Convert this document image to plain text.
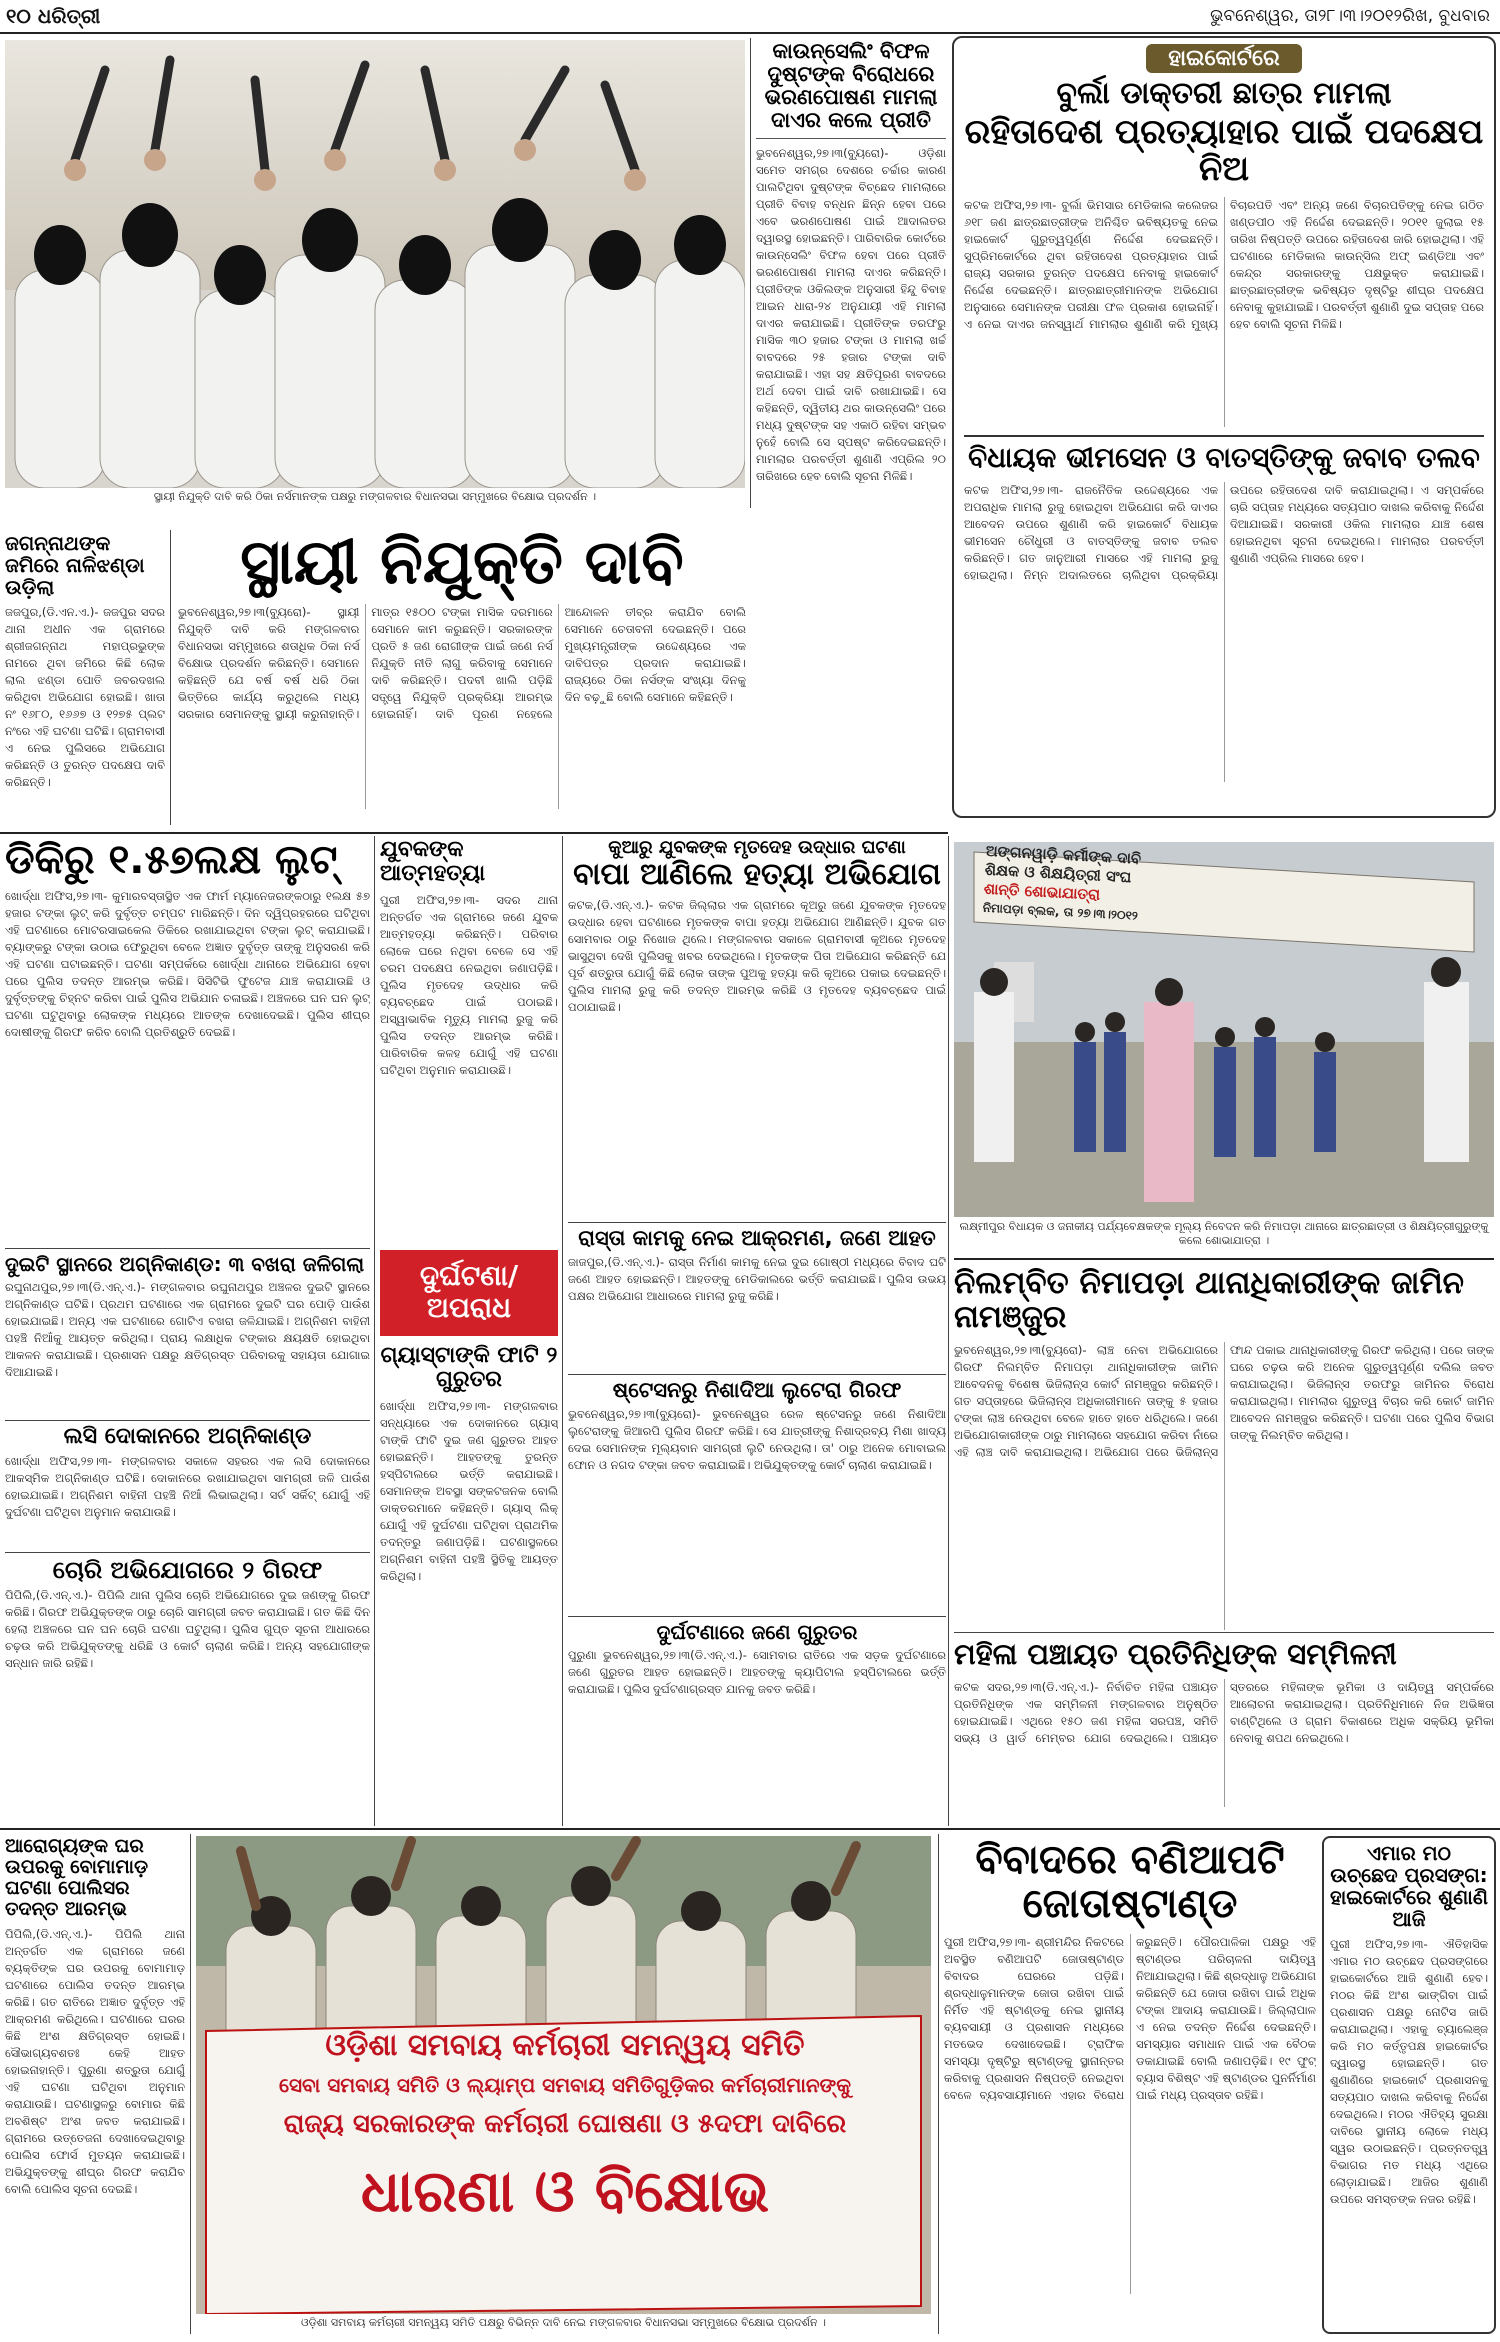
୧୦ ଧରିତ୍ରୀ	ଭୁବନେଶ୍ୱର, ତା୨୮।୩।୨୦୧୨ରିଖ, ବୁଧବାର
ସ୍ଥାୟୀ ନିଯୁକ୍ତି ଦାବି କରି ଠିକା ନର୍ସମାନଙ୍କ ପକ୍ଷରୁ ମଙ୍ଗଳବାର ବିଧାନସଭା ସମ୍ମୁଖରେ ବିକ୍ଷୋଭ ପ୍ରଦର୍ଶନ ।
କାଉନ୍‌ସେଲିଂ ବିଫଳ ଦୁଷ୍ଟଙ୍କ ବିରୋଧରେ ଭରଣପୋଷଣ ମାମଲା ଦାଏର କଲେ ପ୍ରୀତି
ଭୁବନେଶ୍ୱର,୨୭।୩(ବ୍ୟୁରୋ)- ଓଡ଼ିଶା ସମେତ ସମଗ୍ର ଦେଶରେ ଚର୍ଚ୍ଚାର କାରଣ ପାଲଟିଥିବା ଦୁଷ୍ଟଙ୍କ ବିଚ୍ଛେଦ ମାମଲାରେ ପ୍ରୀତି ବିବାହ ବନ୍ଧନ ଛିନ୍ନ ହେବା ପରେ ଏବେ ଭରଣପୋଷଣ ପାଇଁ ଆଦାଲତର ଦ୍ୱାରସ୍ଥ ହୋଇଛନ୍ତି। ପାରିବାରିକ କୋର୍ଟରେ କାଉନ୍‌ସେଲିଂ ବିଫଳ ହେବା ପରେ ପ୍ରୀତି ଭରଣପୋଷଣ ମାମଲା ଦାଏର କରିଛନ୍ତି। ପ୍ରୀତିଙ୍କ ଓକିଲଙ୍କ ଅନୁସାରୀ ହିନ୍ଦୁ ବିବାହ ଆଇନ ଧାରା-୨୪ ଅନୁଯାୟୀ ଏହି ମାମଲା ଦାଏର କରାଯାଇଛି। ପ୍ରୀତିଙ୍କ ତରଫରୁ ମାସିକ ୩୦ ହଜାର ଟଙ୍କା ଓ ମାମଲା ଖର୍ଚ୍ଚ ବାବଦରେ ୨୫ ହଜାର ଟଙ୍କା ଦାବି କରାଯାଇଛି। ଏହା ସହ କ୍ଷତିପୂରଣ ବାବଦରେ ଅର୍ଥ ଦେବା ପାଇଁ ଦାବି ରଖାଯାଇଛି। ସେ କହିଛନ୍ତି, ଦ୍ୱିତୀୟ ଥର କାଉନ୍‌ସେଲିଂ ପରେ ମଧ୍ୟ ଦୁଷ୍ଟଙ୍କ ସହ ଏକାଠି ରହିବା ସମ୍ଭବ ନୁହେଁ ବୋଲି ସେ ସ୍ପଷ୍ଟ କରିଦେଇଛନ୍ତି। ମାମଲାର ପରବର୍ତ୍ତୀ ଶୁଣାଣି ଏପ୍ରିଲ ୨୦ ତାରିଖରେ ହେବ ବୋଲି ସୂଚନା ମିଳିଛି।
ହାଇକୋର୍ଟରେ
ବୁର୍ଲା ଡାକ୍ତରୀ ଛାତ୍ର ମାମଲା
ରହିତାଦେଶ ପ୍ରତ୍ୟାହାର ପାଇଁ ପଦକ୍ଷେପ ନିଅ
କଟକ ଅଫିସ,୨୭।୩- ବୁର୍ଲା ଭିମସାର ମେଡିକାଲ କଲେଜର ୬୧୮ ଜଣ ଛାତ୍ରଛାତ୍ରୀଙ୍କ ଅନିଶ୍ଚିତ ଭବିଷ୍ୟତକୁ ନେଇ ହାଇକୋର୍ଟ ଗୁରୁତ୍ୱପୂର୍ଣ୍ଣ ନିର୍ଦ୍ଦେଶ ଦେଇଛନ୍ତି। ସୁପ୍ରିମକୋର୍ଟରେ ଥିବା ରହିତାଦେଶ ପ୍ରତ୍ୟାହାର ପାଇଁ ରାଜ୍ୟ ସରକାର ତୁରନ୍ତ ପଦକ୍ଷେପ ନେବାକୁ ହାଇକୋର୍ଟ ନିର୍ଦ୍ଦେଶ ଦେଇଛନ୍ତି। ଛାତ୍ରଛାତ୍ରୀମାନଙ୍କ ଅଭିଯୋଗ ଅନୁସାରେ ସେମାନଙ୍କ ପରୀକ୍ଷା ଫଳ ପ୍ରକାଶ ହୋଇନାହିଁ। ଏ ନେଇ ଦାଏର ଜନସ୍ୱାର୍ଥ ମାମଲାର ଶୁଣାଣି କରି ମୁଖ୍ୟ ବିଚାରପତି ଏବଂ ଅନ୍ୟ ଜଣେ ବିଚାରପତିଙ୍କୁ ନେଇ ଗଠିତ ଖଣ୍ଡପୀଠ ଏହି ନିର୍ଦ୍ଦେଶ ଦେଇଛନ୍ତି। ୨୦୧୧ ଜୁଲାଇ ୧୫ ତାରିଖ ନିଷ୍ପତ୍ତି ଉପରେ ରହିତାଦେଶ ଜାରି ହୋଇଥିଲା। ଏହି ଘଟଣାରେ ମେଡିକାଲ କାଉନ୍‌ସିଲ ଅଫ୍ ଇଣ୍ଡିଆ ଏବଂ କେନ୍ଦ୍ର ସରକାରଙ୍କୁ ପକ୍ଷଭୁକ୍ତ କରାଯାଇଛି। ଛାତ୍ରଛାତ୍ରୀଙ୍କ ଭବିଷ୍ୟତ ଦୃଷ୍ଟିରୁ ଶୀଘ୍ର ପଦକ୍ଷେପ ନେବାକୁ କୁହାଯାଇଛି। ପରବର୍ତ୍ତୀ ଶୁଣାଣି ଦୁଇ ସପ୍ତାହ ପରେ ହେବ ବୋଲି ସୂଚନା ମିଳିଛି।
ବିଧାୟକ ଭୀମସେନ ଓ ବାତସ୍ତିଙ୍କୁ ଜବାବ ତଲବ
କଟକ ଅଫିସ,୨୭।୩- ରାଜନୈତିକ ଉଦ୍ଦେଶ୍ୟରେ ଏକ ଅପରାଧିକ ମାମଲା ରୁଜୁ ହୋଇଥିବା ଅଭିଯୋଗ କରି ଦାଏର ଆବେଦନ ଉପରେ ଶୁଣାଣି କରି ହାଇକୋର୍ଟ ବିଧାୟକ ଭୀମସେନ ଚୌଧୁରୀ ଓ ବାତସ୍ତିଙ୍କୁ ଜବାବ ତଲବ କରିଛନ୍ତି। ଗତ ଜାନୁଆରୀ ମାସରେ ଏହି ମାମଲା ରୁଜୁ ହୋଇଥିଲା। ନିମ୍ନ ଅଦାଲତରେ ଚାଲିଥିବା ପ୍ରକ୍ରିୟା ଉପରେ ରହିତାଦେଶ ଦାବି କରାଯାଇଥିଲା। ଏ ସମ୍ପର୍କରେ ଚାରି ସପ୍ତାହ ମଧ୍ୟରେ ସତ୍ୟପାଠ ଦାଖଲ କରିବାକୁ ନିର୍ଦ୍ଦେଶ ଦିଆଯାଇଛି। ସରକାରୀ ଓକିଲ ମାମଲାର ଯାଞ୍ଚ ଶେଷ ହୋଇନଥିବା ସୂଚନା ଦେଇଥିଲେ। ମାମଲାର ପରବର୍ତ୍ତୀ ଶୁଣାଣି ଏପ୍ରିଲ ମାସରେ ହେବ।
ଜଗନ୍ନାଥଙ୍କ ଜମିରେ ନାଳିଝଣ୍ଡା ଉଡ଼ିଲା
ଜଜପୁର,(ଡି.ଏନ.ଏ.)- ଜଜପୁର ସଦର ଥାନା ଅଧୀନ ଏକ ଗ୍ରାମରେ ଶ୍ରୀଜଗନ୍ନାଥ ମହାପ୍ରଭୁଙ୍କ ନାମରେ ଥିବା ଜମିରେ କିଛି ଲୋକ ଲାଲ ଝଣ୍ଡା ପୋତି ଜବରଦଖଲ କରିଥିବା ଅଭିଯୋଗ ହୋଇଛି। ଖାତା ନଂ ୧୬୮୦, ୧୬୬୭ ଓ ୧୨୭୫ ପ୍ଲଟ ନଂରେ ଏହି ଘଟଣା ଘଟିଛି। ଗ୍ରାମବାସୀ ଏ ନେଇ ପୁଲିସରେ ଅଭିଯୋଗ କରିଛନ୍ତି ଓ ତୁରନ୍ତ ପଦକ୍ଷେପ ଦାବି କରିଛନ୍ତି।
ସ୍ଥାୟୀ ନିଯୁକ୍ତି ଦାବି
ଭୁବନେଶ୍ୱର,୨୭।୩(ବ୍ୟୁରୋ)- ସ୍ଥାୟୀ ନିଯୁକ୍ତି ଦାବି କରି ମଙ୍ଗଳବାର ବିଧାନସଭା ସମ୍ମୁଖରେ ଶତାଧିକ ଠିକା ନର୍ସ ବିକ୍ଷୋଭ ପ୍ରଦର୍ଶନ କରିଛନ୍ତି। ସେମାନେ କହିଛନ୍ତି ଯେ ବର୍ଷ ବର୍ଷ ଧରି ଠିକା ଭିତ୍ତିରେ କାର୍ଯ୍ୟ କରୁଥିଲେ ମଧ୍ୟ ସରକାର ସେମାନଙ୍କୁ ସ୍ଥାୟୀ କରୁନାହାନ୍ତି। ମାତ୍ର ୧୫୦୦ ଟଙ୍କା ମାସିକ ଦରମାରେ ସେମାନେ କାମ କରୁଛନ୍ତି। ସରକାରଙ୍କ ପ୍ରତି ୫ ଜଣ ରୋଗୀଙ୍କ ପାଇଁ ଜଣେ ନର୍ସ ନିଯୁକ୍ତି ନୀତି ଲାଗୁ କରିବାକୁ ସେମାନେ ଦାବି କରିଛନ୍ତି। ପଦବୀ ଖାଲି ପଡ଼ିଛି ସତ୍ତ୍ୱେ ନିଯୁକ୍ତି ପ୍ରକ୍ରିୟା ଆରମ୍ଭ ହୋଇନାହିଁ। ଦାବି ପୂରଣ ନହେଲେ ଆନ୍ଦୋଳନ ତୀବ୍ର କରାଯିବ ବୋଲି ସେମାନେ ଚେତାବନୀ ଦେଇଛନ୍ତି। ପରେ ମୁଖ୍ୟମନ୍ତ୍ରୀଙ୍କ ଉଦ୍ଦେଶ୍ୟରେ ଏକ ଦାବିପତ୍ର ପ୍ରଦାନ କରାଯାଇଛି। ରାଜ୍ୟରେ ଠିକା ନର୍ସଙ୍କ ସଂଖ୍ୟା ଦିନକୁ ଦିନ ବଢ଼ୁଛି ବୋଲି ସେମାନେ କହିଛନ୍ତି।
ଡିକିରୁ ୧.୫୭ଲକ୍ଷ ଲୁଟ୍
ଖୋର୍ଦ୍ଧା ଅଫିସ,୨୭।୩- କୁମାରବସ୍ତାସ୍ଥିତ ଏକ ଫାର୍ମ ମ୍ୟାନେଜରଙ୍କଠାରୁ ୧ଲକ୍ଷ ୫୭ ହଜାର ଟଙ୍କା ଲୁଟ୍ କରି ଦୁର୍ବୃତ୍ତ ଚମ୍ପଟ ମାରିଛନ୍ତି। ଦିନ ଦ୍ୱିପ୍ରହରରେ ଘଟିଥିବା ଏହି ଘଟଣାରେ ମୋଟରସାଇକେଲ ଡିକିରେ ରଖାଯାଇଥିବା ଟଙ୍କା ଲୁଟ୍ କରାଯାଇଛି। ବ୍ୟାଙ୍କରୁ ଟଙ୍କା ଉଠାଇ ଫେରୁଥିବା ବେଳେ ଅଜ୍ଞାତ ଦୁର୍ବୃତ୍ତ ତାଙ୍କୁ ଅନୁସରଣ କରି ଏହି ଘଟଣା ଘଟାଇଛନ୍ତି। ଘଟଣା ସମ୍ପର୍କରେ ଖୋର୍ଦ୍ଧା ଥାନାରେ ଅଭିଯୋଗ ହେବା ପରେ ପୁଲିସ ତଦନ୍ତ ଆରମ୍ଭ କରିଛି। ସିସିଟିଭି ଫୁଟେଜ ଯାଞ୍ଚ କରାଯାଉଛି ଓ ଦୁର୍ବୃତ୍ତଙ୍କୁ ଚିହ୍ନଟ କରିବା ପାଇଁ ପୁଲିସ ଅଭିଯାନ ଚଳାଇଛି। ଅଞ୍ଚଳରେ ଘନ ଘନ ଲୁଟ୍ ଘଟଣା ଘଟୁଥିବାରୁ ଲୋକଙ୍କ ମଧ୍ୟରେ ଆତଙ୍କ ଦେଖାଦେଇଛି। ପୁଲିସ ଶୀଘ୍ର ଦୋଷୀଙ୍କୁ ଗିରଫ କରିବ ବୋଲି ପ୍ରତିଶ୍ରୁତି ଦେଇଛି।
ଦୁଇଟି ସ୍ଥାନରେ ଅଗ୍ନିକାଣ୍ଡ: ୩ ବଖରା ଜଳିଗଲା
ରଘୁନାଥପୁର,୨୭।୩(ଡି.ଏନ୍.ଏ.)- ମଙ୍ଗଳବାର ରଘୁନାଥପୁର ଅଞ୍ଚଳର ଦୁଇଟି ସ୍ଥାନରେ ଅଗ୍ନିକାଣ୍ଡ ଘଟିଛି। ପ୍ରଥମ ଘଟଣାରେ ଏକ ଗ୍ରାମରେ ଦୁଇଟି ଘର ପୋଡ଼ି ପାଉଁଶ ହୋଇଯାଇଛି। ଅନ୍ୟ ଏକ ଘଟଣାରେ ଗୋଟିଏ ବଖରା ଜଳିଯାଇଛି। ଅଗ୍ନିଶମ ବାହିନୀ ପହଞ୍ଚି ନିଆଁକୁ ଆୟତ୍ତ କରିଥିଲା। ପ୍ରାୟ ଲକ୍ଷାଧିକ ଟଙ୍କାର କ୍ଷୟକ୍ଷତି ହୋଇଥିବା ଆକଳନ କରାଯାଇଛି। ପ୍ରଶାସନ ପକ୍ଷରୁ କ୍ଷତିଗ୍ରସ୍ତ ପରିବାରକୁ ସହାୟତା ଯୋଗାଇ ଦିଆଯାଇଛି।
ଲସି ଦୋକାନରେ ଅଗ୍ନିକାଣ୍ଡ
ଖୋର୍ଦ୍ଧା ଅଫିସ,୨୭।୩- ମଙ୍ଗଳବାର ସକାଳେ ସହରର ଏକ ଲସି ଦୋକାନରେ ଆକସ୍ମିକ ଅଗ୍ନିକାଣ୍ଡ ଘଟିଛି। ଦୋକାନରେ ରଖାଯାଇଥିବା ସାମଗ୍ରୀ ଜଳି ପାଉଁଶ ହୋଇଯାଇଛି। ଅଗ୍ନିଶମ ବାହିନୀ ପହଞ୍ଚି ନିଆଁ ଲିଭାଇଥିଲା। ସର୍ଟ ସର୍କିଟ୍ ଯୋଗୁଁ ଏହି ଦୁର୍ଘଟଣା ଘଟିଥିବା ଅନୁମାନ କରାଯାଉଛି।
ଚୋରି ଅଭିଯୋଗରେ ୨ ଗିରଫ
ପିପିଲି,(ଡି.ଏନ୍.ଏ.)- ପିପିଲି ଥାନା ପୁଲିସ ଚୋରି ଅଭିଯୋଗରେ ଦୁଇ ଜଣଙ୍କୁ ଗିରଫ କରିଛି। ଗିରଫ ଅଭିଯୁକ୍ତଙ୍କ ଠାରୁ ଚୋରି ସାମଗ୍ରୀ ଜବତ କରାଯାଇଛି। ଗତ କିଛି ଦିନ ହେଲା ଅଞ୍ଚଳରେ ଘନ ଘନ ଚୋରି ଘଟଣା ଘଟୁଥିଲା। ପୁଲିସ ଗୁପ୍ତ ସୂଚନା ଆଧାରରେ ଚଢ଼ଉ କରି ଅଭିଯୁକ୍ତଙ୍କୁ ଧରିଛି ଓ କୋର୍ଟ ଚାଲାଣ କରିଛି। ଅନ୍ୟ ସହଯୋଗୀଙ୍କ ସନ୍ଧାନ ଜାରି ରହିଛି।
ଯୁବକଙ୍କ ଆତ୍ମହତ୍ୟା
ପୁରୀ ଅଫିସ,୨୭।୩- ସଦର ଥାନା ଅନ୍ତର୍ଗତ ଏକ ଗ୍ରାମରେ ଜଣେ ଯୁବକ ଆତ୍ମହତ୍ୟା କରିଛନ୍ତି। ପରିବାର ଲୋକେ ଘରେ ନଥିବା ବେଳେ ସେ ଏହି ଚରମ ପଦକ୍ଷେପ ନେଇଥିବା ଜଣାପଡ଼ିଛି। ପୁଲିସ ମୃତଦେହ ଉଦ୍ଧାର କରି ବ୍ୟବଚ୍ଛେଦ ପାଇଁ ପଠାଇଛି। ଅସ୍ୱାଭାବିକ ମୃତ୍ୟୁ ମାମଲା ରୁଜୁ କରି ପୁଲିସ ତଦନ୍ତ ଆରମ୍ଭ କରିଛି। ପାରିବାରିକ କଳହ ଯୋଗୁଁ ଏହି ଘଟଣା ଘଟିଥିବା ଅନୁମାନ କରାଯାଉଛି।
ଦୁର୍ଘଟଣା/ ଅପରାଧ
ଗ୍ୟାସ୍‌ଟାଙ୍କି ଫାଟି ୨ ଗୁରୁତର
ଖୋର୍ଦ୍ଧା ଅଫିସ,୨୭।୩- ମଙ୍ଗଳବାର ସନ୍ଧ୍ୟାରେ ଏକ ଦୋକାନରେ ଗ୍ୟାସ୍ ଟାଙ୍କି ଫାଟି ଦୁଇ ଜଣ ଗୁରୁତର ଆହତ ହୋଇଛନ୍ତି। ଆହତଙ୍କୁ ତୁରନ୍ତ ହସ୍ପିଟାଲରେ ଭର୍ତ୍ତି କରାଯାଇଛି। ସେମାନଙ୍କ ଅବସ୍ଥା ସଙ୍କଟଜନକ ବୋଲି ଡାକ୍ତରମାନେ କହିଛନ୍ତି। ଗ୍ୟାସ୍ ଲିକ୍ ଯୋଗୁଁ ଏହି ଦୁର୍ଘଟଣା ଘଟିଥିବା ପ୍ରାଥମିକ ତଦନ୍ତରୁ ଜଣାପଡ଼ିଛି। ଘଟଣାସ୍ଥଳରେ ଅଗ୍ନିଶମ ବାହିନୀ ପହଞ୍ଚି ସ୍ଥିତିକୁ ଆୟତ୍ତ କରିଥିଲା।
କୁଆରୁ ଯୁବକଙ୍କ ମୃତଦେହ ଉଦ୍ଧାର ଘଟଣା
ବାପା ଆଣିଲେ ହତ୍ୟା ଅଭିଯୋଗ
କଟକ,(ଡି.ଏନ୍.ଏ.)- କଟକ ଜିଲ୍ଲାର ଏକ ଗ୍ରାମରେ କୂଅରୁ ଜଣେ ଯୁବକଙ୍କ ମୃତଦେହ ଉଦ୍ଧାର ହେବା ଘଟଣାରେ ମୃତକଙ୍କ ବାପା ହତ୍ୟା ଅଭିଯୋଗ ଆଣିଛନ୍ତି। ଯୁବକ ଗତ ସୋମବାର ଠାରୁ ନିଖୋଜ ଥିଲେ। ମଙ୍ଗଳବାର ସକାଳେ ଗ୍ରାମବାସୀ କୂଅରେ ମୃତଦେହ ଭାସୁଥିବା ଦେଖି ପୁଲିସକୁ ଖବର ଦେଇଥିଲେ। ମୃତକଙ୍କ ପିତା ଅଭିଯୋଗ କରିଛନ୍ତି ଯେ ପୂର୍ବ ଶତ୍ରୁତା ଯୋଗୁଁ କିଛି ଲୋକ ତାଙ୍କ ପୁଅକୁ ହତ୍ୟା କରି କୂଅରେ ପକାଇ ଦେଇଛନ୍ତି। ପୁଲିସ ମାମଲା ରୁଜୁ କରି ତଦନ୍ତ ଆରମ୍ଭ କରିଛି ଓ ମୃତଦେହ ବ୍ୟବଚ୍ଛେଦ ପାଇଁ ପଠାଯାଇଛି।
ରାସ୍ତା କାମକୁ ନେଇ ଆକ୍ରମଣ, ଜଣେ ଆହତ
ଜାଜପୁର,(ଡି.ଏନ୍.ଏ.)- ରାସ୍ତା ନିର୍ମାଣ କାମକୁ ନେଇ ଦୁଇ ଗୋଷ୍ଠୀ ମଧ୍ୟରେ ବିବାଦ ଘଟି ଜଣେ ଆହତ ହୋଇଛନ୍ତି। ଆହତଙ୍କୁ ମେଡିକାଲରେ ଭର୍ତ୍ତି କରାଯାଇଛି। ପୁଲିସ ଉଭୟ ପକ୍ଷର ଅଭିଯୋଗ ଆଧାରରେ ମାମଲା ରୁଜୁ କରିଛି।
ଷ୍ଟେସନରୁ ନିଶାଦିଆ ଲୁଟେରା ଗିରଫ
ଭୁବନେଶ୍ୱର,୨୭।୩(ବ୍ୟୁରୋ)- ଭୁବନେଶ୍ୱର ରେଳ ଷ୍ଟେସନରୁ ଜଣେ ନିଶାଦିଆ ଲୁଟେରାଙ୍କୁ ଜିଆରପି ପୁଲିସ ଗିରଫ କରିଛି। ସେ ଯାତ୍ରୀଙ୍କୁ ନିଶାଦ୍ରବ୍ୟ ମିଶା ଖାଦ୍ୟ ଦେଇ ସେମାନଙ୍କ ମୂଲ୍ୟବାନ ସାମଗ୍ରୀ ଲୁଟି ନେଉଥିଲା। ତା' ଠାରୁ ଅନେକ ମୋବାଇଲ ଫୋନ ଓ ନଗଦ ଟଙ୍କା ଜବତ କରାଯାଇଛି। ଅଭିଯୁକ୍ତଙ୍କୁ କୋର୍ଟ ଚାଲାଣ କରାଯାଇଛି।
ଦୁର୍ଘଟଣାରେ ଜଣେ ଗୁରୁତର
ପୁରୁଣା ଭୁବନେଶ୍ୱର,୨୭।୩(ଡି.ଏନ୍.ଏ.)- ସୋମବାର ରାତିରେ ଏକ ସଡ଼କ ଦୁର୍ଘଟଣାରେ ଜଣେ ଗୁରୁତର ଆହତ ହୋଇଛନ୍ତି। ଆହତଙ୍କୁ କ୍ୟାପିଟାଲ ହସ୍ପିଟାଲରେ ଭର୍ତ୍ତି କରାଯାଇଛି। ପୁଲିସ ଦୁର୍ଘଟଣାଗ୍ରସ୍ତ ଯାନକୁ ଜବତ କରିଛି।
ଅଙ୍ଗନୱାଡ଼ି କର୍ମୀଙ୍କ ଦାବି
ଶିକ୍ଷକ ଓ ଶିକ୍ଷୟିତ୍ରୀ ସଂଘ
ଶାନ୍ତି ଶୋଭାଯାତ୍ରା
ନିମାପଡ଼ା ବ୍ଲକ, ତା ୨୭।୩।୨୦୧୨
ଲକ୍ଷ୍ମୀପୁର ବିଧାୟକ ଓ ଜନାକୀୟ ପର୍ଯ୍ୟବେକ୍ଷକଙ୍କ ମୂଲ୍ୟ ନିବେଦନ କରି ନିମାପଡ଼ା ଥାନାରେ ଛାତ୍ରଛାତ୍ରୀ ଓ ଶିକ୍ଷୟିତ୍ରୀଗୁରୁଙ୍କୁ କଲେ ଶୋଭାଯାତ୍ରା ।
ନିଲମ୍ବିତ ନିମାପଡ଼ା ଥାନାଧିକାରୀଙ୍କ ଜାମିନ ନାମଞ୍ଜୁର
ଭୁବନେଶ୍ୱର,୨୭।୩(ବ୍ୟୁରୋ)- ଲାଞ୍ଚ ନେବା ଅଭିଯୋଗରେ ଗିରଫ ନିଲମ୍ବିତ ନିମାପଡ଼ା ଥାନାଧିକାରୀଙ୍କ ଜାମିନ ଆବେଦନକୁ ବିଶେଷ ଭିଜିଲାନ୍ସ କୋର୍ଟ ନାମଞ୍ଜୁର କରିଛନ୍ତି। ଗତ ସପ୍ତାହରେ ଭିଜିଲାନ୍ସ ଅଧିକାରୀମାନେ ତାଙ୍କୁ ୫ ହଜାର ଟଙ୍କା ଲାଞ୍ଚ ନେଉଥିବା ବେଳେ ହାତେ ହାତେ ଧରିଥିଲେ। ଜଣେ ଅଭିଯୋଗକାରୀଙ୍କ ଠାରୁ ମାମଲାରେ ସହଯୋଗ କରିବା ନାଁରେ ଏହି ଲାଞ୍ଚ ଦାବି କରାଯାଇଥିଲା। ଅଭିଯୋଗ ପରେ ଭିଜିଲାନ୍ସ ଫାନ୍ଦ ପକାଇ ଥାନାଧିକାରୀଙ୍କୁ ଗିରଫ କରିଥିଲା। ପରେ ତାଙ୍କ ଘରେ ଚଢ଼ଉ କରି ଅନେକ ଗୁରୁତ୍ୱପୂର୍ଣ୍ଣ ଦଲିଲ ଜବତ କରାଯାଇଥିଲା। ଭିଜିଲାନ୍ସ ତରଫରୁ ଜାମିନର ବିରୋଧ କରାଯାଇଥିଲା। ମାମଲାର ଗୁରୁତ୍ୱ ବିଚାର କରି କୋର୍ଟ ଜାମିନ ଆବେଦନ ନାମଞ୍ଜୁର କରିଛନ୍ତି। ଘଟଣା ପରେ ପୁଲିସ ବିଭାଗ ତାଙ୍କୁ ନିଲମ୍ବିତ କରିଥିଲା।
ମହିଳା ପଞ୍ଚାୟତ ପ୍ରତିନିଧିଙ୍କ ସମ୍ମିଳନୀ
କଟକ ସଦର,୨୭।୩(ଡି.ଏନ୍.ଏ.)- ନିର୍ବାଚିତ ମହିଳା ପଞ୍ଚାୟତ ପ୍ରତିନିଧିଙ୍କ ଏକ ସମ୍ମିଳନୀ ମଙ୍ଗଳବାର ଅନୁଷ୍ଠିତ ହୋଇଯାଇଛି। ଏଥିରେ ୧୫୦ ଜଣ ମହିଳା ସରପଞ୍ଚ, ସମିତି ସଭ୍ୟ ଓ ୱାର୍ଡ ମେମ୍ବର ଯୋଗ ଦେଇଥିଲେ। ପଞ୍ଚାୟତ ସ୍ତରରେ ମହିଳାଙ୍କ ଭୂମିକା ଓ ଦାୟିତ୍ୱ ସମ୍ପର୍କରେ ଆଲୋଚନା କରାଯାଇଥିଲା। ପ୍ରତିନିଧିମାନେ ନିଜ ଅଭିଜ୍ଞତା ବାଣ୍ଟିଥିଲେ ଓ ଗ୍ରାମ ବିକାଶରେ ଅଧିକ ସକ୍ରିୟ ଭୂମିକା ନେବାକୁ ଶପଥ ନେଇଥିଲେ।
ଆରୋଗ୍ୟଙ୍କ ଘର ଉପରକୁ ବୋମାମାଡ଼ ଘଟଣା ପୋଲିସର ତଦନ୍ତ ଆରମ୍ଭ
ପିପିଲି,(ଡି.ଏନ୍.ଏ.)- ପିପିଲି ଥାନା ଅନ୍ତର୍ଗତ ଏକ ଗ୍ରାମରେ ଜଣେ ବ୍ୟକ୍ତିଙ୍କ ଘର ଉପରକୁ ବୋମାମାଡ଼ ଘଟଣାରେ ପୋଲିସ ତଦନ୍ତ ଆରମ୍ଭ କରିଛି। ଗତ ରାତିରେ ଅଜ୍ଞାତ ଦୁର୍ବୃତ୍ତ ଏହି ଆକ୍ରମଣ କରିଥିଲେ। ଘଟଣାରେ ଘରର କିଛି ଅଂଶ କ୍ଷତିଗ୍ରସ୍ତ ହୋଇଛି। ସୌଭାଗ୍ୟବଶତଃ କେହି ଆହତ ହୋଇନାହାନ୍ତି। ପୁରୁଣା ଶତ୍ରୁତା ଯୋଗୁଁ ଏହି ଘଟଣା ଘଟିଥିବା ଅନୁମାନ କରାଯାଉଛି। ଘଟଣାସ୍ଥଳରୁ ବୋମାର କିଛି ଅବଶିଷ୍ଟ ଅଂଶ ଜବତ କରାଯାଇଛି। ଗ୍ରାମରେ ଉତ୍ତେଜନା ଦେଖାଦେଇଥିବାରୁ ପୋଲିସ ଫୋର୍ସ ମୁତୟନ କରାଯାଇଛି। ଅଭିଯୁକ୍ତଙ୍କୁ ଶୀଘ୍ର ଗିରଫ କରାଯିବ ବୋଲି ପୋଲିସ ସୂଚନା ଦେଇଛି।
ଓଡ଼ିଶା ସମବାୟ କର୍ମଚାରୀ ସମନ୍ୱୟ ସମିତି
ସେବା ସମବାୟ ସମିତି ଓ ଲ୍ୟାମ୍ପ ସମବାୟ ସମିତିଗୁଡ଼ିକର କର୍ମଚାରୀମାନଙ୍କୁ
ରାଜ୍ୟ ସରକାରଙ୍କ କର୍ମଚାରୀ ଘୋଷଣା ଓ ୫ଦଫା ଦାବିରେ
ଧାରଣା ଓ ବିକ୍ଷୋଭ
ଓଡ଼ିଶା ସମବାୟ କର୍ମଚାରୀ ସମନ୍ୱୟ ସମିତି ପକ୍ଷରୁ ବିଭିନ୍ନ ଦାବି ନେଇ ମଙ୍ଗଳବାର ବିଧାନସଭା ସମ୍ମୁଖରେ ବିକ୍ଷୋଭ ପ୍ରଦର୍ଶନ ।
ବିବାଦରେ ବଣିଆପଟି ଜୋତାଷ୍ଟାଣ୍ଡ
ପୁରୀ ଅଫିସ,୨୭।୩- ଶ୍ରୀମନ୍ଦିର ନିକଟରେ ଅବସ୍ଥିତ ବଣିଆପଟି ଜୋତାଷ୍ଟାଣ୍ଡ ବିବାଦର ଘେରରେ ପଡ଼ିଛି। ଶ୍ରଦ୍ଧାଳୁମାନଙ୍କ ଜୋତା ରଖିବା ପାଇଁ ନିର୍ମିତ ଏହି ଷ୍ଟାଣ୍ଡକୁ ନେଇ ସ୍ଥାନୀୟ ବ୍ୟବସାୟୀ ଓ ପ୍ରଶାସନ ମଧ୍ୟରେ ମତଭେଦ ଦେଖାଦେଇଛି। ଟ୍ରାଫିକ ସମସ୍ୟା ଦୃଷ୍ଟିରୁ ଷ୍ଟାଣ୍ଡକୁ ସ୍ଥାନାନ୍ତର କରିବାକୁ ପ୍ରଶାସନ ନିଷ୍ପତ୍ତି ନେଇଥିବା ବେଳେ ବ୍ୟବସାୟୀମାନେ ଏହାର ବିରୋଧ କରୁଛନ୍ତି। ପୌରପାଳିକା ପକ୍ଷରୁ ଏହି ଷ୍ଟାଣ୍ଡର ପରିଚାଳନା ଦାୟିତ୍ୱ ନିଆଯାଇଥିଲା। କିଛି ଶ୍ରଦ୍ଧାଳୁ ଅଭିଯୋଗ କରିଛନ୍ତି ଯେ ଜୋତା ରଖିବା ପାଇଁ ଅଧିକ ଟଙ୍କା ଆଦାୟ କରାଯାଉଛି। ଜିଲ୍ଲାପାଳ ଏ ନେଇ ତଦନ୍ତ ନିର୍ଦ୍ଦେଶ ଦେଇଛନ୍ତି। ସମସ୍ୟାର ସମାଧାନ ପାଇଁ ଏକ ବୈଠକ ଡକାଯାଇଛି ବୋଲି ଜଣାପଡ଼ିଛି। ୧୯ ଫୁଟ୍ ବ୍ୟାସ ବିଶିଷ୍ଟ ଏହି ଷ୍ଟାଣ୍ଡର ପୁନର୍ନିର୍ମାଣ ପାଇଁ ମଧ୍ୟ ପ୍ରସ୍ତାବ ରହିଛି।
ଏମାର ମଠ ଉଚ୍ଛେଦ ପ୍ରସଙ୍ଗ: ହାଇକୋର୍ଟରେ ଶୁଣାଣି ଆଜି
ପୁରୀ ଅଫିସ,୨୭।୩- ଐତିହାସିକ ଏମାର ମଠ ଉଚ୍ଛେଦ ପ୍ରସଙ୍ଗରେ ହାଇକୋର୍ଟରେ ଆଜି ଶୁଣାଣି ହେବ। ମଠର କିଛି ଅଂଶ ଭାଙ୍ଗିବା ପାଇଁ ପ୍ରଶାସନ ପକ୍ଷରୁ ନୋଟିସ ଜାରି କରାଯାଇଥିଲା। ଏହାକୁ ଚ୍ୟାଲେଞ୍ଜ କରି ମଠ କର୍ତ୍ତୃପକ୍ଷ ହାଇକୋର୍ଟର ଦ୍ୱାରସ୍ଥ ହୋଇଛନ୍ତି। ଗତ ଶୁଣାଣିରେ ହାଇକୋର୍ଟ ପ୍ରଶାସନକୁ ସତ୍ୟପାଠ ଦାଖଲ କରିବାକୁ ନିର୍ଦ୍ଦେଶ ଦେଇଥିଲେ। ମଠର ଐତିହ୍ୟ ସୁରକ୍ଷା ଦାବିରେ ସ୍ଥାନୀୟ ଲୋକେ ମଧ୍ୟ ସ୍ୱର ଉଠାଇଛନ୍ତି। ପ୍ରତ୍ନତତ୍ତ୍ୱ ବିଭାଗର ମତ ମଧ୍ୟ ଏଥିରେ ଲୋଡ଼ାଯାଇଛି। ଆଜିର ଶୁଣାଣି ଉପରେ ସମସ୍ତଙ୍କ ନଜର ରହିଛି।
